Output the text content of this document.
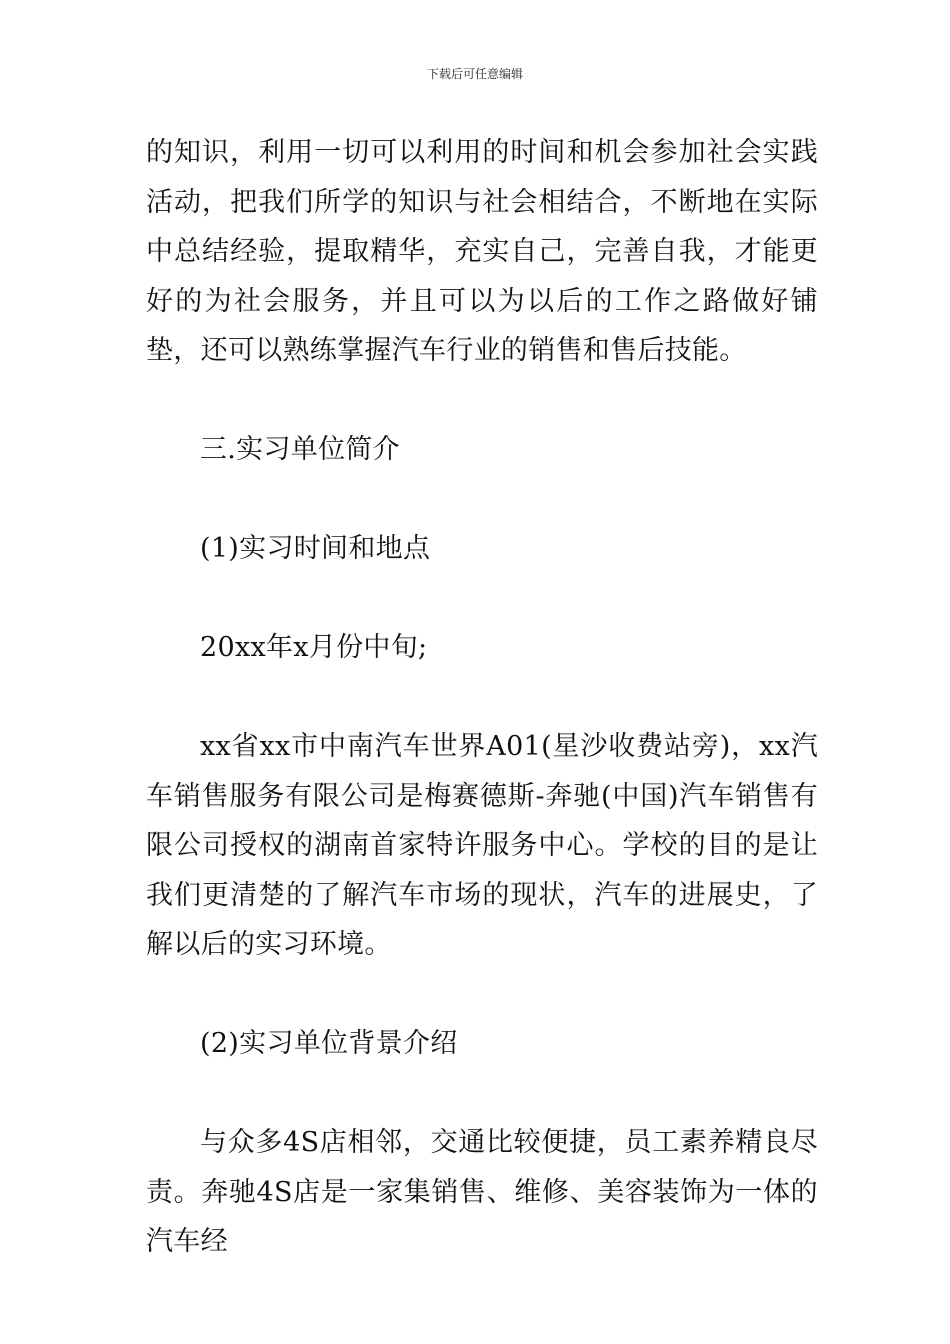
下载后可任意编辑

的知识，利用一切可以利用的时间和机会参加社会实践活动，把我们所学的知识与社会相结合，不断地在实际中总结经验，提取精华，充实自己，完善自我，才能更好的为社会服务，并且可以为以后的工作之路做好铺垫，还可以熟练掌握汽车行业的销售和售后技能。

三.实习单位简介

(1)实习时间和地点

20xx年x月份中旬;

xx省xx市中南汽车世界A01(星沙收费站旁)，xx汽车销售服务有限公司是梅赛德斯-奔驰(中国)汽车销售有限公司授权的湖南首家特许服务中心。学校的目的是让我们更清楚的了解汽车市场的现状，汽车的进展史，了解以后的实习环境。

(2)实习单位背景介绍

与众多4S店相邻，交通比较便捷，员工素养精良尽责。奔驰4S店是一家集销售、维修、美容装饰为一体的汽车经
